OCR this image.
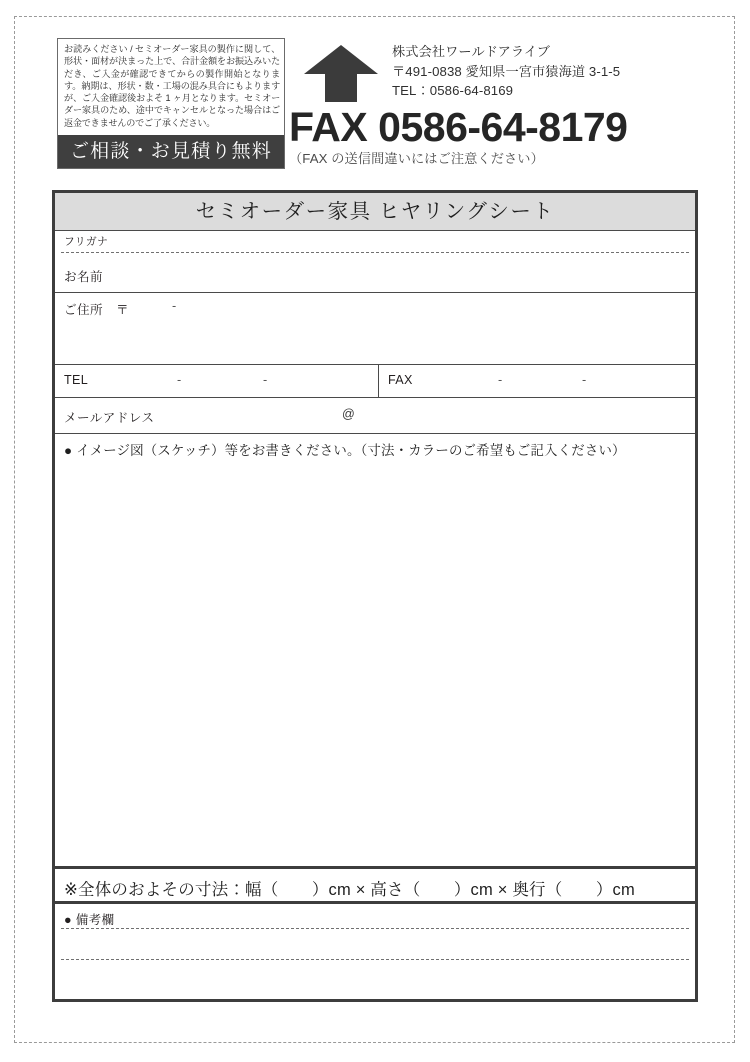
お読みください / セミオーダー家具の製作に関して、形状・面材が決まった上で、合計金額をお振込みいただき、ご入金が確認できてからの製作開始となります。納期は、形状・数・工場の混み具合にもよりますが、ご入金確認後およそ 1 ヶ月となります。セミオーダー家具のため、途中でキャンセルとなった場合はご返金できませんのでご了承ください。
ご相談・お見積り無料
株式会社ワールドアライブ
〒491-0838 愛知県一宮市猿海道 3-1-5
TEL：0586-64-8169
FAX 0586-64-8179
（FAX の送信間違いにはご注意ください）
セミオーダー家具 ヒヤリングシート
フリガナ
お名前
ご住所 〒	-
TEL	-	-	FAX	-	-
メールアドレス	@
● イメージ図（スケッチ）等をお書きください。（寸法・カラーのご希望もご記入ください）
※全体のおよその寸法：幅（　　）cm × 高さ（　　）cm × 奥行（　　）cm
● 備考欄
